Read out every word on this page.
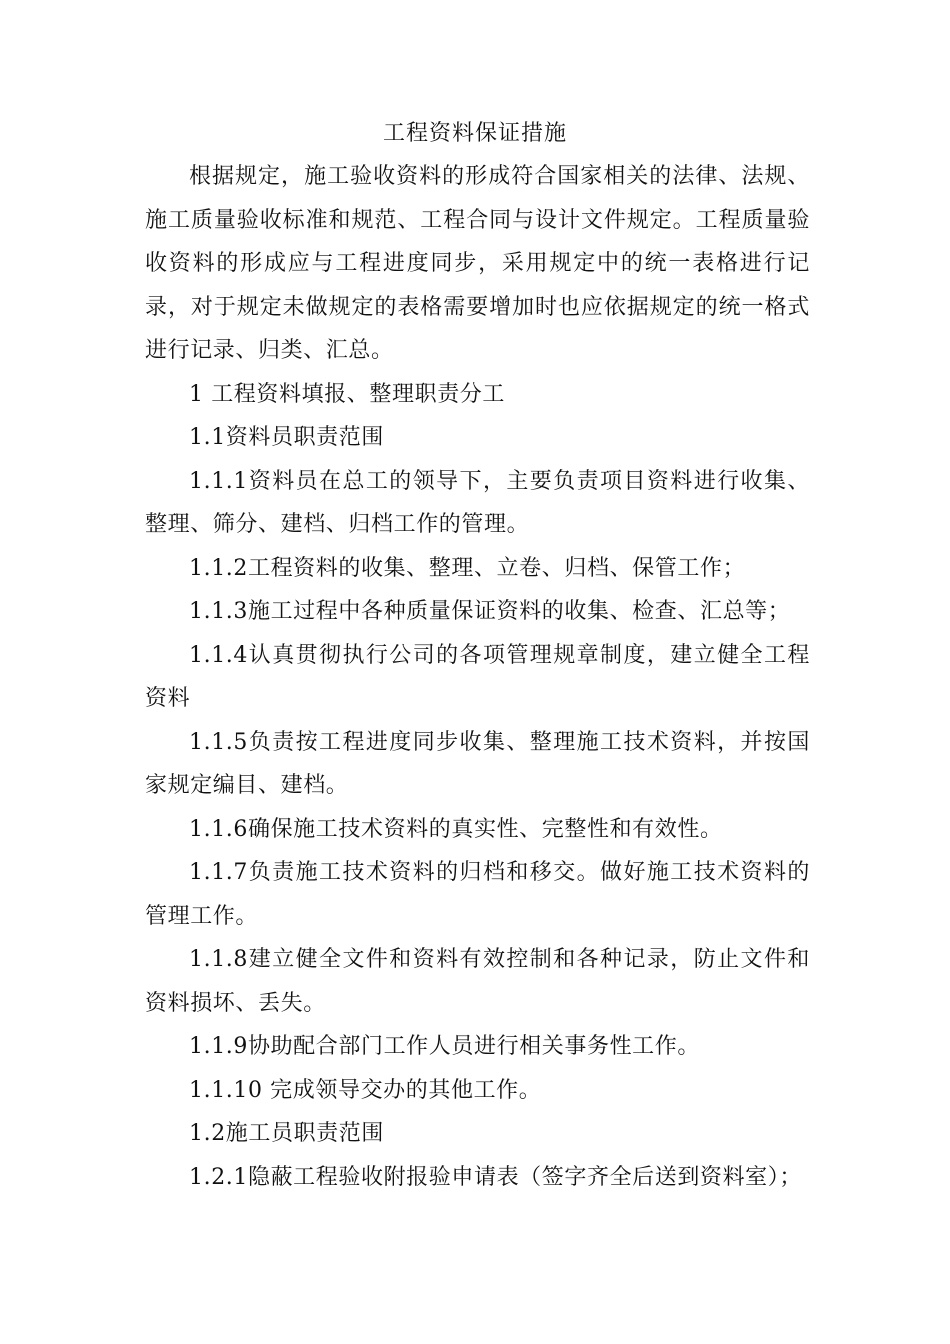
工程资料保证措施

根据规定，施工验收资料的形成符合国家相关的法律、法规、施工质量验收标准和规范、工程合同与设计文件规定。工程质量验收资料的形成应与工程进度同步，采用规定中的统一表格进行记录，对于规定未做规定的表格需要增加时也应依据规定的统一格式进行记录、归类、汇总。

1 工程资料填报、整理职责分工

1.1资料员职责范围

1.1.1资料员在总工的领导下，主要负责项目资料进行收集、整理、筛分、建档、归档工作的管理。

1.1.2工程资料的收集、整理、立卷、归档、保管工作；

1.1.3施工过程中各种质量保证资料的收集、检查、汇总等；

1.1.4认真贯彻执行公司的各项管理规章制度，建立健全工程资料

1.1.5负责按工程进度同步收集、整理施工技术资料，并按国家规定编目、建档。

1.1.6确保施工技术资料的真实性、完整性和有效性。

1.1.7负责施工技术资料的归档和移交。做好施工技术资料的管理工作。

1.1.8建立健全文件和资料有效控制和各种记录，防止文件和资料损坏、丢失。

1.1.9协助配合部门工作人员进行相关事务性工作。

1.1.10 完成领导交办的其他工作。

1.2施工员职责范围

1.2.1隐蔽工程验收附报验申请表（签字齐全后送到资料室）；
